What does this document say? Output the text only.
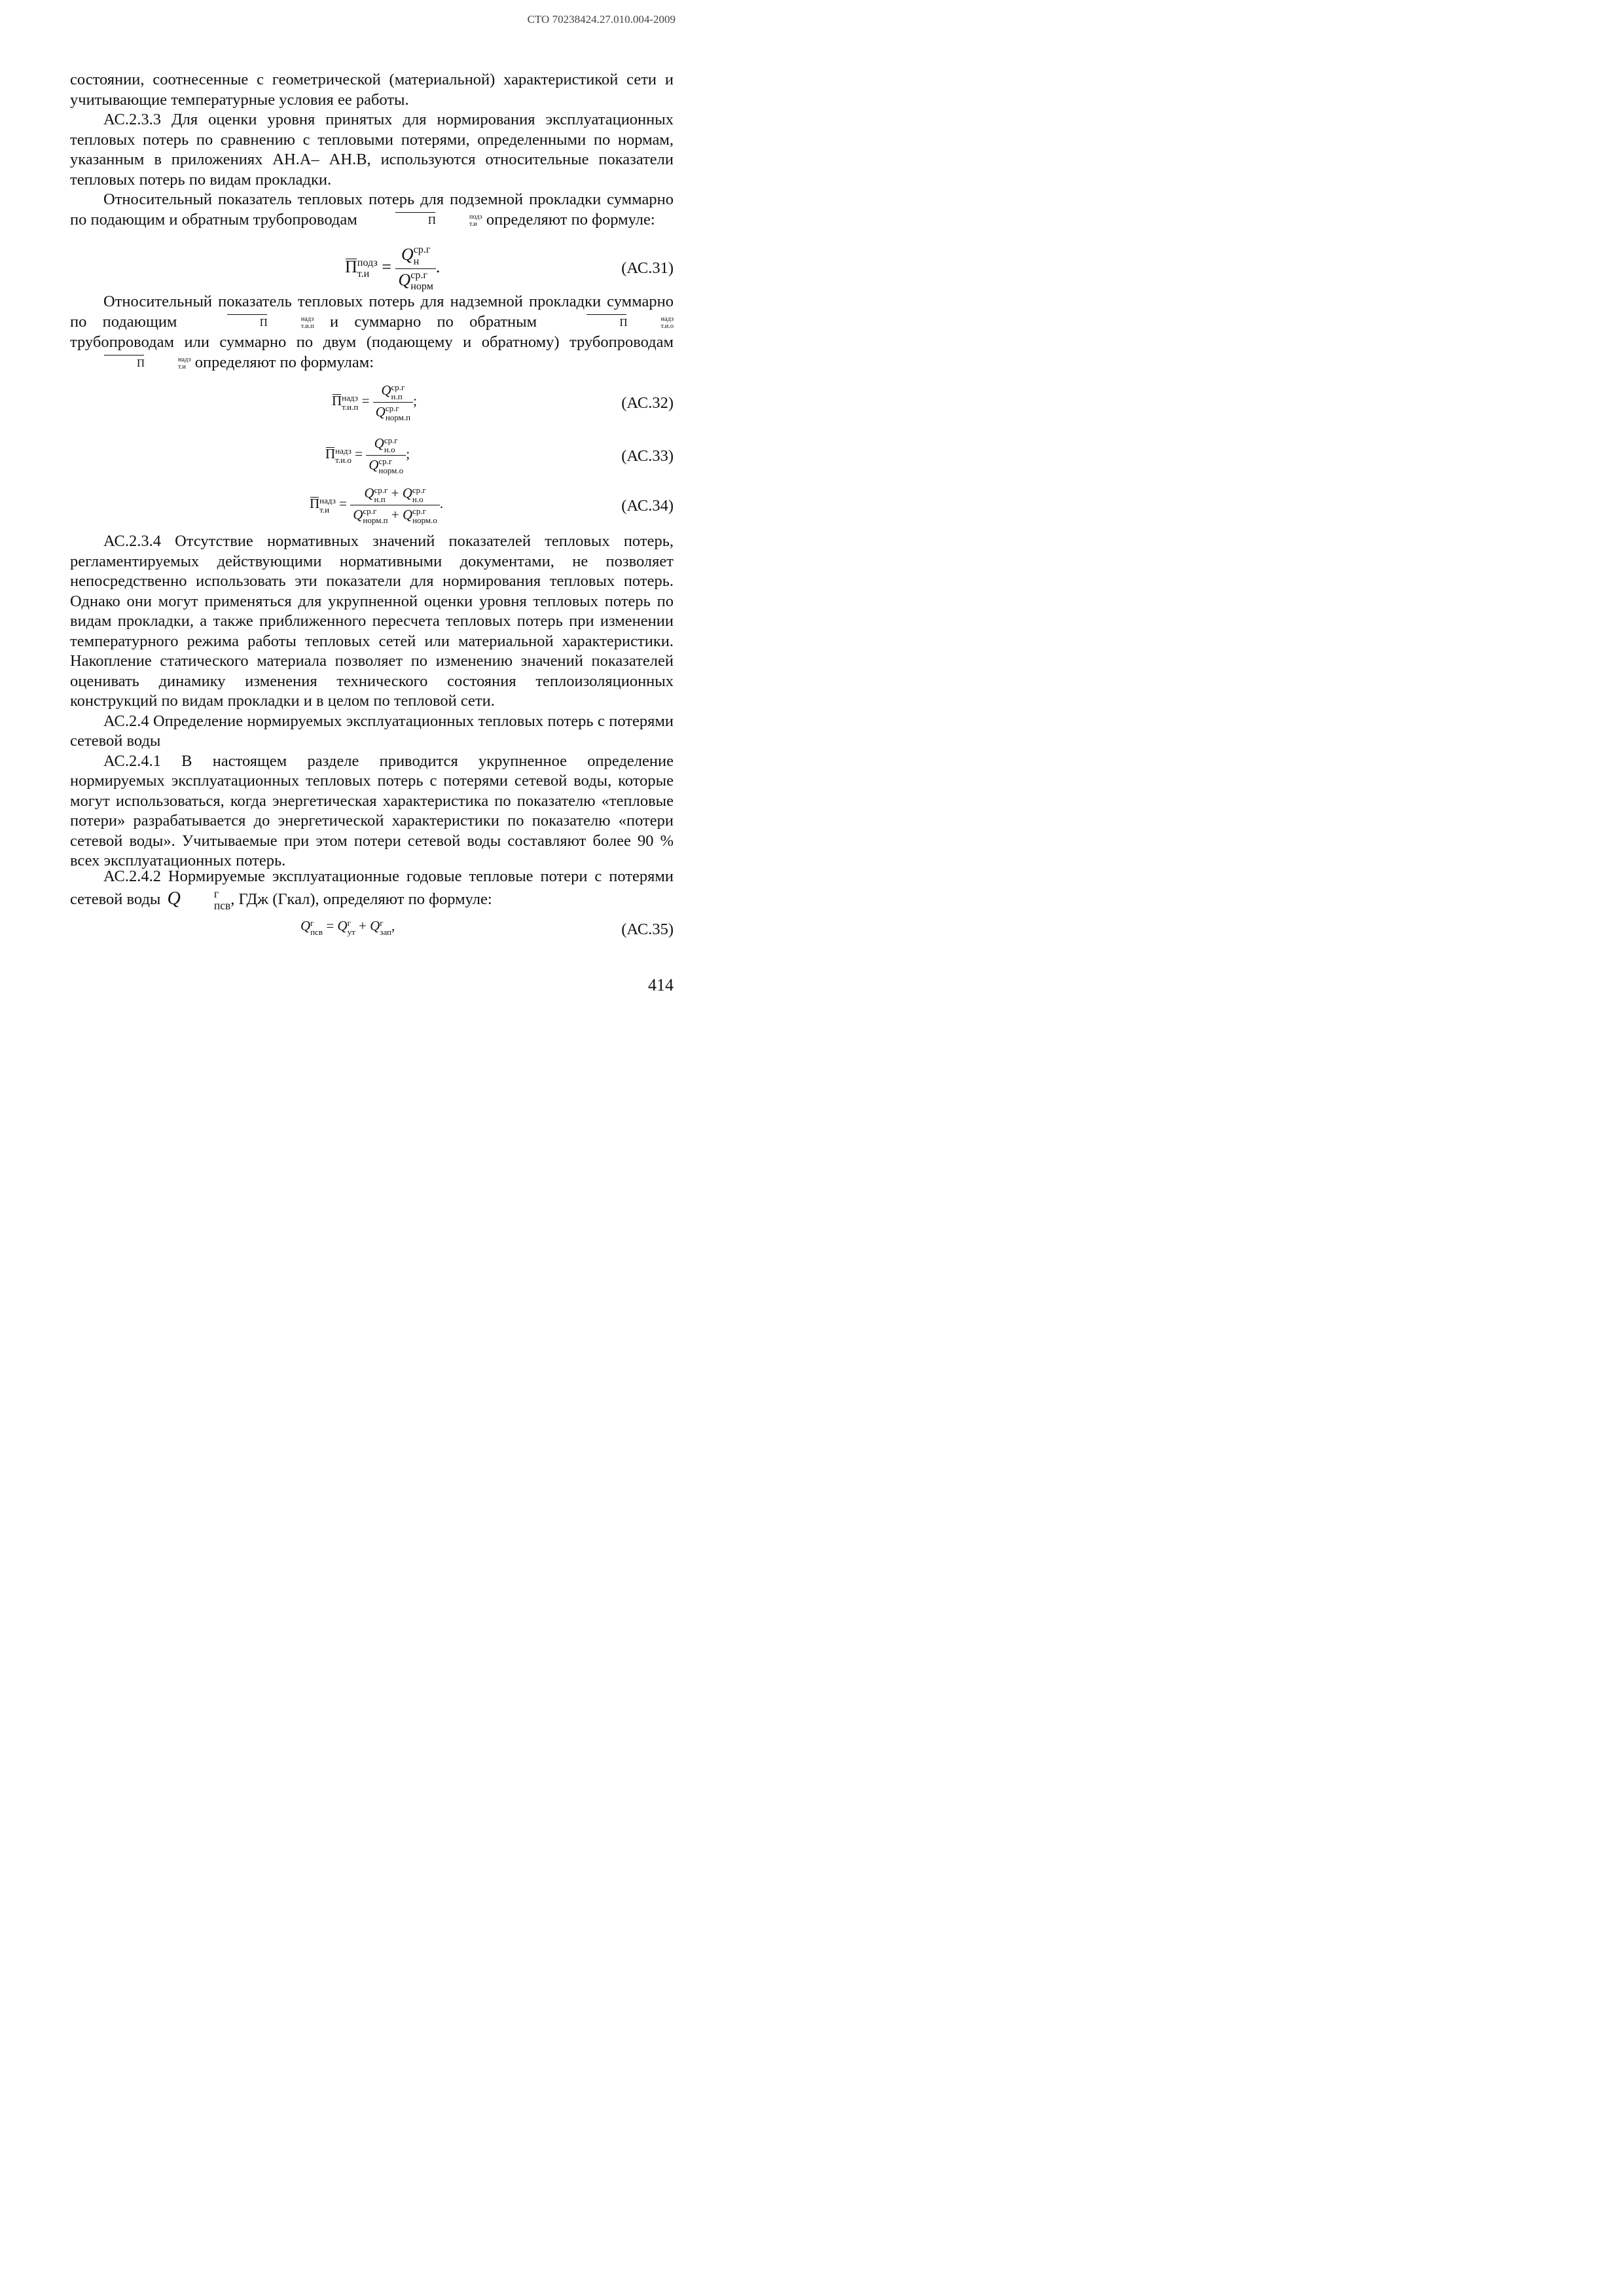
СТО 70238424.27.010.004-2009

состоянии, соотнесенные с геометрической (материальной) характеристикой сети и учитывающие температурные условия ее работы.

АС.2.3.3 Для оценки уровня принятых для нормирования эксплуатационных тепловых потерь по сравнению с тепловыми потерями, определенными по нормам, указанным в приложениях АН.А– АН.В, используются относительные показатели тепловых потерь по видам прокладки.

Относительный показатель тепловых потерь для подземной прокладки суммарно по подающим и обратным трубопроводам	П	подз
т.и определяют по формуле:

П подз
т.и = Q ср.г
н
Q ср.г
норм .	(АС.31)

Относительный показатель тепловых потерь для надземной прокладки суммарно по подающим	П	надз
т.и.п и суммарно по обратным	П	надз
т.и.о
трубопроводам или суммарно по двум (подающему и обратному) трубопроводам П	надз
т.и определяют по формулам:

П надз
т.и.п = Q ср.г
н.п
Q ср.г
норм.п ;	(АС.32)
П надз
т.и.о = Q ср.г
н.о
Q ср.г
норм.о ;	(АС.33)
П надз
т.и = Q ср.г
н.п + Q ср.г
н.о
Q ср.г
норм.п + Q ср.г
норм.о .	(АС.34)

АС.2.3.4 Отсутствие нормативных значений показателей тепловых потерь, регламентируемых действующими нормативными документами, не позволяет непосредственно использовать эти показатели для нормирования тепловых потерь. Однако они могут применяться для укрупненной оценки уровня тепловых потерь по видам прокладки, а также приближенного пересчета тепловых потерь при изменении температурного режима работы тепловых сетей или материальной характеристики. Накопление статического материала позволяет по изменению значений показателей оценивать динамику изменения технического состояния теплоизоляционных конструкций по видам прокладки и в целом по тепловой сети.

АС.2.4 Определение нормируемых эксплуатационных тепловых потерь с потерями сетевой воды

АС.2.4.1 В настоящем разделе приводится укрупненное определение нормируемых эксплуатационных тепловых потерь с потерями сетевой воды, которые могут использоваться, когда энергетическая характеристика по показателю «тепловые потери» разрабатывается до энергетической характеристики по показателю «потери сетевой воды». Учитываемые при этом потери сетевой воды составляют более 90 % всех эксплуатационных потерь.

АС.2.4.2 Нормируемые эксплуатационные годовые тепловые потери с потерями сетевой воды Q	г
псв , ГДж (Гкал), определяют по формуле:

Q г
псв = Q г
ут + Q г
зап ,	(АС.35)
414
